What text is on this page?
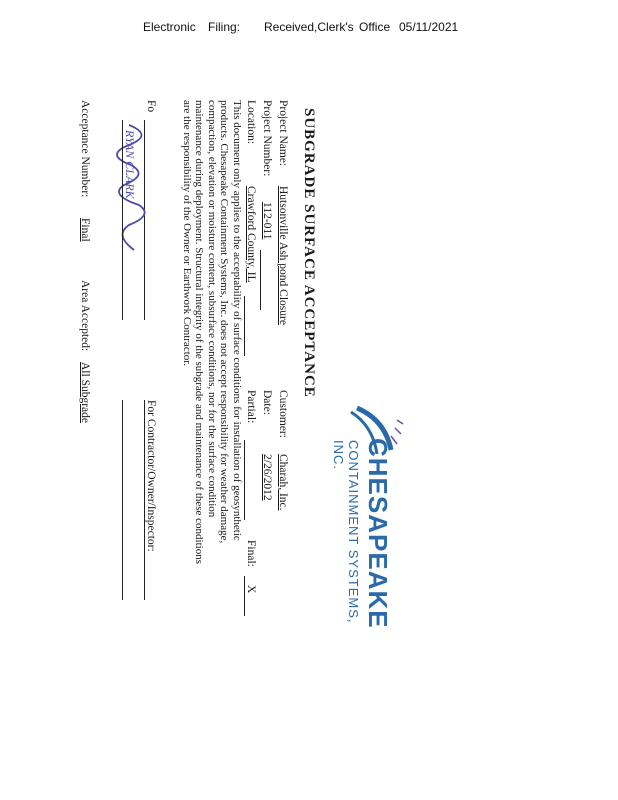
Electronic Filing: Received,Clerk's Office 05/11/2021
CHESAPEAKE
CONTAINMENT SYSTEMS, INC.
SUBGRADE SURFACE ACCEPTANCE
Project Name:
Hutsonville Ash pond Closure
Customer:
Charah, Inc.
Project Number:
112-011
Date:
2/26/2012
Location:
Crawford County, IL
Partial:
Final:
X
This document only applies to the acceptability of surface conditions for installation of geosynthetic products. Chesapeake Containment Systems, Inc. does not accept responsibility for weather damage, compaction, elevation or moisture content, subsurface conditions, nor for the surface condition maintenance during deployment. Structural integrity of the subgrade and maintenance of these conditions are the responsibility of the Owner or Earthwork Contractor.
Fo
For Contractor/Owner/Inspector:
RYAN CLARK
Acceptance Number:
Final
Area Accepted:
All Subgrade
